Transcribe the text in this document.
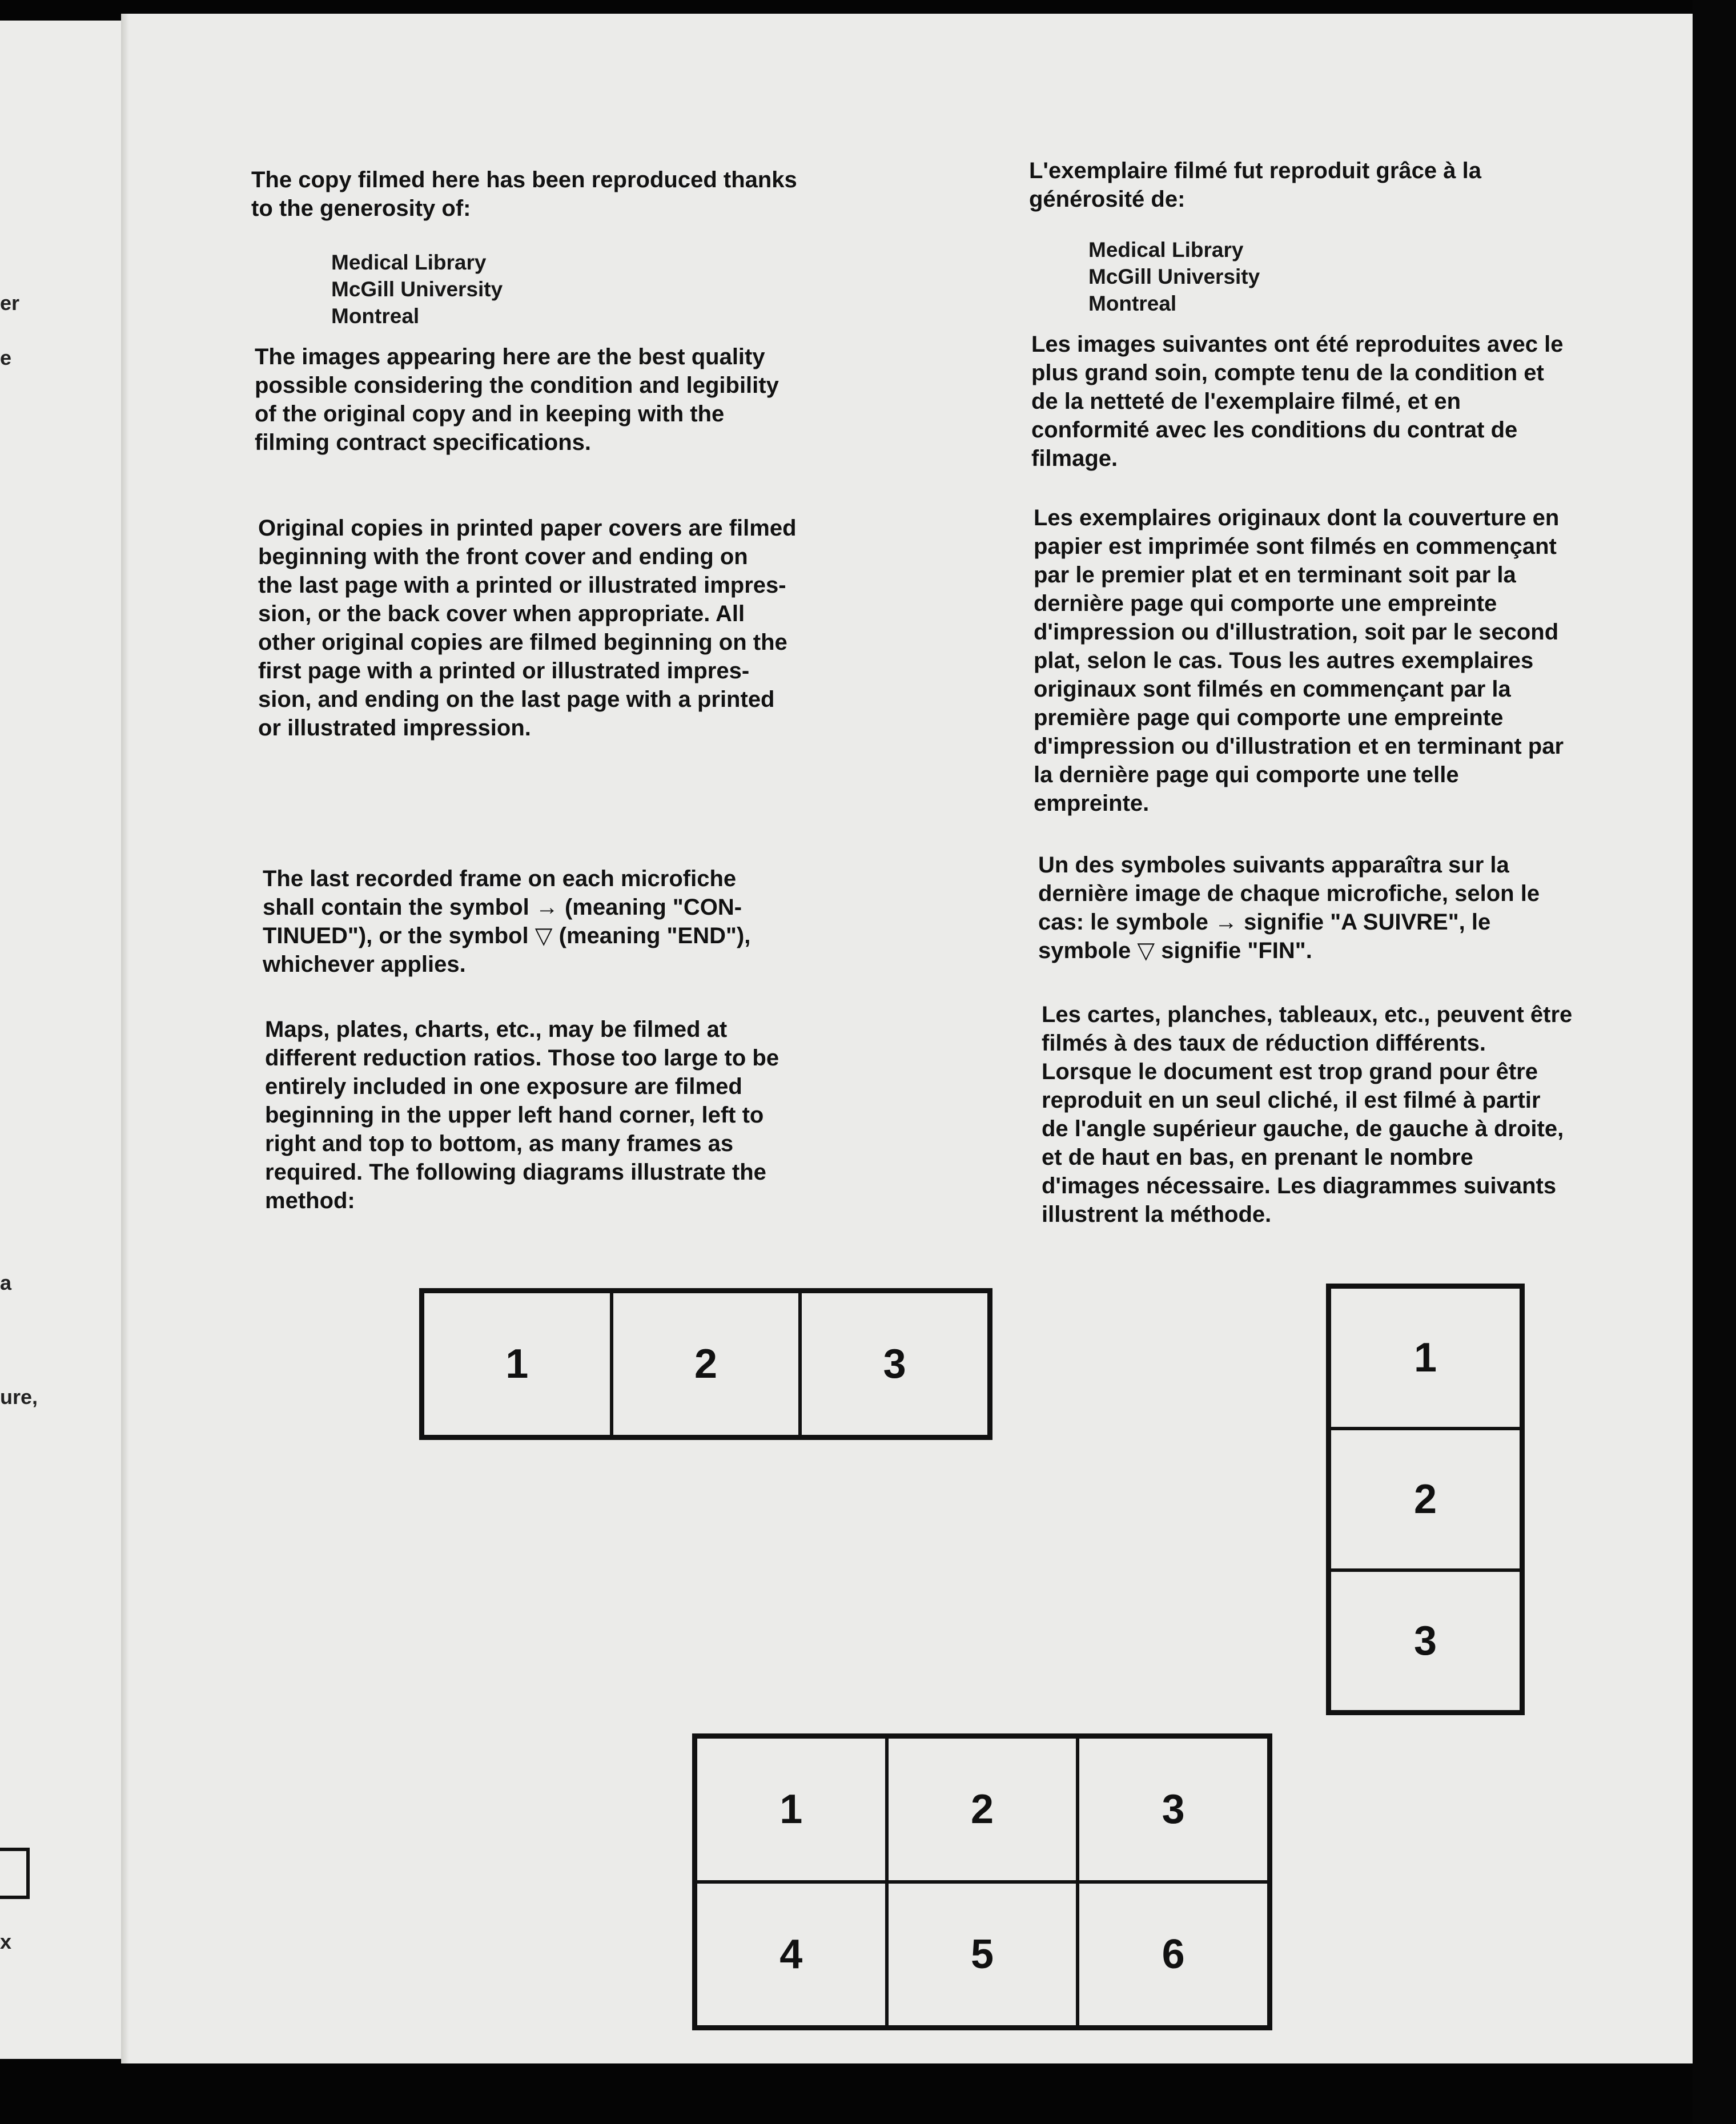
er
e
a
ure,
x
The copy filmed here has been reproduced thanks
to the generosity of:
Medical Library
McGill University
Montreal
The images appearing here are the best quality
possible considering the condition and legibility
of the original copy and in keeping with the
filming contract specifications.
Original copies in printed paper covers are filmed
beginning with the front cover and ending on
the last page with a printed or illustrated impres-
sion, or the back cover when appropriate. All
other original copies are filmed beginning on the
first page with a printed or illustrated impres-
sion, and ending on the last page with a printed
or illustrated impression.
The last recorded frame on each microfiche
shall contain the symbol → (meaning "CON-
TINUED"), or the symbol ▽ (meaning "END"),
whichever applies.
Maps, plates, charts, etc., may be filmed at
different reduction ratios. Those too large to be
entirely included in one exposure are filmed
beginning in the upper left hand corner, left to
right and top to bottom, as many frames as
required. The following diagrams illustrate the
method:
L'exemplaire filmé fut reproduit grâce à la
générosité de:
Medical Library
McGill University
Montreal
Les images suivantes ont été reproduites avec le
plus grand soin, compte tenu de la condition et
de la netteté de l'exemplaire filmé, et en
conformité avec les conditions du contrat de
filmage.
Les exemplaires originaux dont la couverture en
papier est imprimée sont filmés en commençant
par le premier plat et en terminant soit par la
dernière page qui comporte une empreinte
d'impression ou d'illustration, soit par le second
plat, selon le cas. Tous les autres exemplaires
originaux sont filmés en commençant par la
première page qui comporte une empreinte
d'impression ou d'illustration et en terminant par
la dernière page qui comporte une telle
empreinte.
Un des symboles suivants apparaîtra sur la
dernière image de chaque microfiche, selon le
cas: le symbole → signifie "A SUIVRE", le
symbole ▽ signifie "FIN".
Les cartes, planches, tableaux, etc., peuvent être
filmés à des taux de réduction différents.
Lorsque le document est trop grand pour être
reproduit en un seul cliché, il est filmé à partir
de l'angle supérieur gauche, de gauche à droite,
et de haut en bas, en prenant le nombre
d'images nécessaire. Les diagrammes suivants
illustrent la méthode.
1	2	3	1
2
3
1	2	3
4	5	6
